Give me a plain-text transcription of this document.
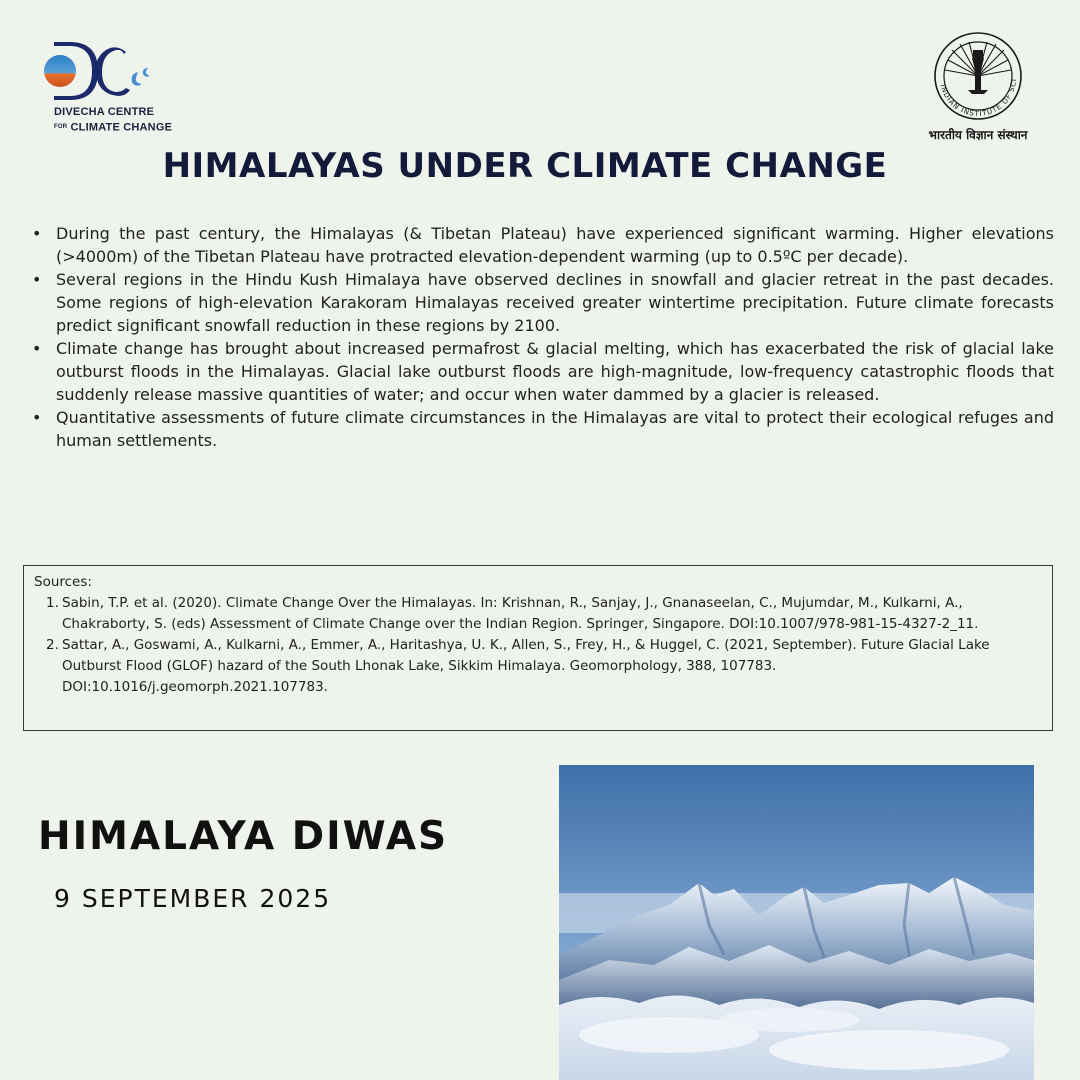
DIVECHA CENTRE
FOR CLIMATE CHANGE
INDIAN INSTITUTE OF SCI
भारतीय विज्ञान संस्थान
HIMALAYAS UNDER CLIMATE CHANGE
• During the past century, the Himalayas (& Tibetan Plateau) have experienced significant warming. Higher elevations (>4000m) of the Tibetan Plateau have protracted elevation-dependent warming (up to 0.5ºC per decade).
• Several regions in the Hindu Kush Himalaya have observed declines in snowfall and glacier retreat in the past decades. Some regions of high-elevation Karakoram Himalayas received greater wintertime precipitation. Future climate forecasts predict significant snowfall reduction in these regions by 2100.
• Climate change has brought about increased permafrost & glacial melting, which has exacerbated the risk of glacial lake outburst floods in the Himalayas. Glacial lake outburst floods are high-magnitude, low-frequency catastrophic floods that suddenly release massive quantities of water; and occur when water dammed by a glacier is released.
• Quantitative assessments of future climate circumstances in the Himalayas are vital to protect their ecological refuges and human settlements.
Sources:
1. Sabin, T.P. et al. (2020). Climate Change Over the Himalayas. In: Krishnan, R., Sanjay, J., Gnanaseelan, C., Mujumdar, M., Kulkarni, A., Chakraborty, S. (eds) Assessment of Climate Change over the Indian Region. Springer, Singapore. DOI:10.1007/978-981-15-4327-2_11.
2. Sattar, A., Goswami, A., Kulkarni, A., Emmer, A., Haritashya, U. K., Allen, S., Frey, H., & Huggel, C. (2021, September). Future Glacial Lake Outburst Flood (GLOF) hazard of the South Lhonak Lake, Sikkim Himalaya. Geomorphology, 388, 107783. DOI:10.1016/j.geomorph.2021.107783.
HIMALAYA DIWAS
9 SEPTEMBER 2025
